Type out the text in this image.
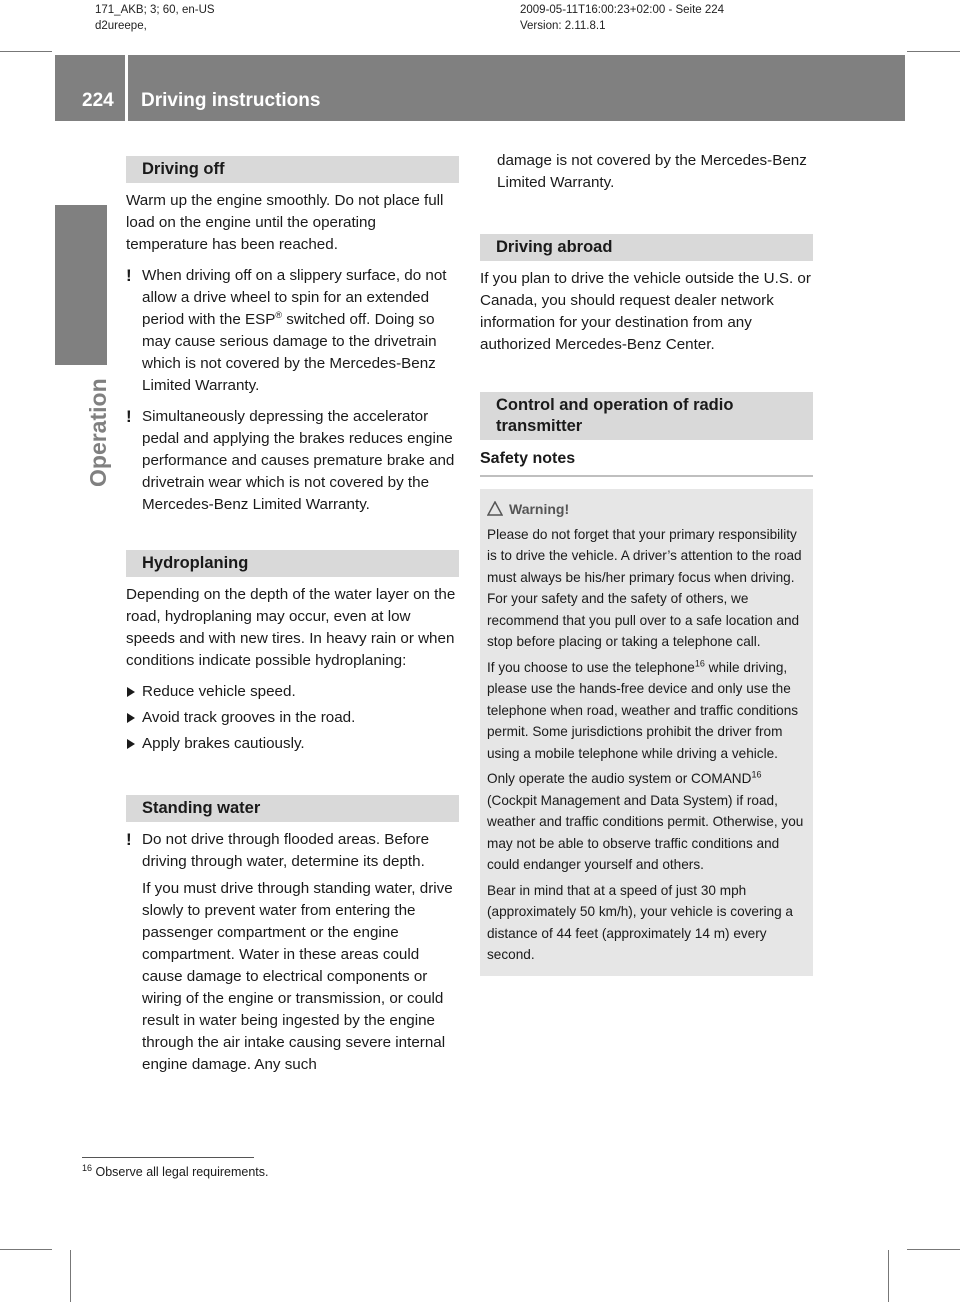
171_AKB; 3; 60, en-US
d2ureepe,
2009-05-11T16:00:23+02:00 - Seite 224
Version: 2.11.8.1
224 Driving instructions
Operation
Driving off

Warm up the engine smoothly. Do not place full load on the engine until the operating temperature has been reached.

! When driving off on a slippery surface, do not allow a drive wheel to spin for an extended period with the ESP® switched off. Doing so may cause serious damage to the drivetrain which is not covered by the Mercedes-Benz Limited Warranty.
! Simultaneously depressing the accelerator pedal and applying the brakes reduces engine performance and causes premature brake and drivetrain wear which is not covered by the Mercedes-Benz Limited Warranty.
Hydroplaning

Depending on the depth of the water layer on the road, hydroplaning may occur, even at low speeds and with new tires. In heavy rain or when conditions indicate possible hydroplaning:

Reduce vehicle speed.
Avoid track grooves in the road.
Apply brakes cautiously.
Standing water
! Do not drive through flooded areas. Before driving through water, determine its depth.

If you must drive through standing water, drive slowly to prevent water from entering the passenger compartment or the engine compartment. Water in these areas could cause damage to electrical components or wiring of the engine or transmission, or could result in water being ingested by the engine through the air intake causing severe internal engine damage. Any such

damage is not covered by the Mercedes-Benz Limited Warranty.

Driving abroad

If you plan to drive the vehicle outside the U.S. or Canada, you should request dealer network information for your destination from any authorized Mercedes-Benz Center.

Control and operation of radio transmitter
Safety notes
Warning!

Please do not forget that your primary responsibility is to drive the vehicle. A driver’s attention to the road must always be his/her primary focus when driving. For your safety and the safety of others, we recommend that you pull over to a safe location and stop before placing or taking a telephone call.

If you choose to use the telephone$^{16}$ while driving, please use the hands-free device and only use the telephone when road, weather and traffic conditions permit. Some jurisdictions prohibit the driver from using a mobile telephone while driving a vehicle.

Only operate the audio system or COMAND$^{16}$ (Cockpit Management and Data System) if road, weather and traffic conditions permit. Otherwise, you may not be able to observe traffic conditions and could endanger yourself and others.

Bear in mind that at a speed of just 30 mph (approximately 50 km/h), your vehicle is covering a distance of 44 feet (approximately 14 m) every second.

$^{16}$ Observe all legal requirements.
